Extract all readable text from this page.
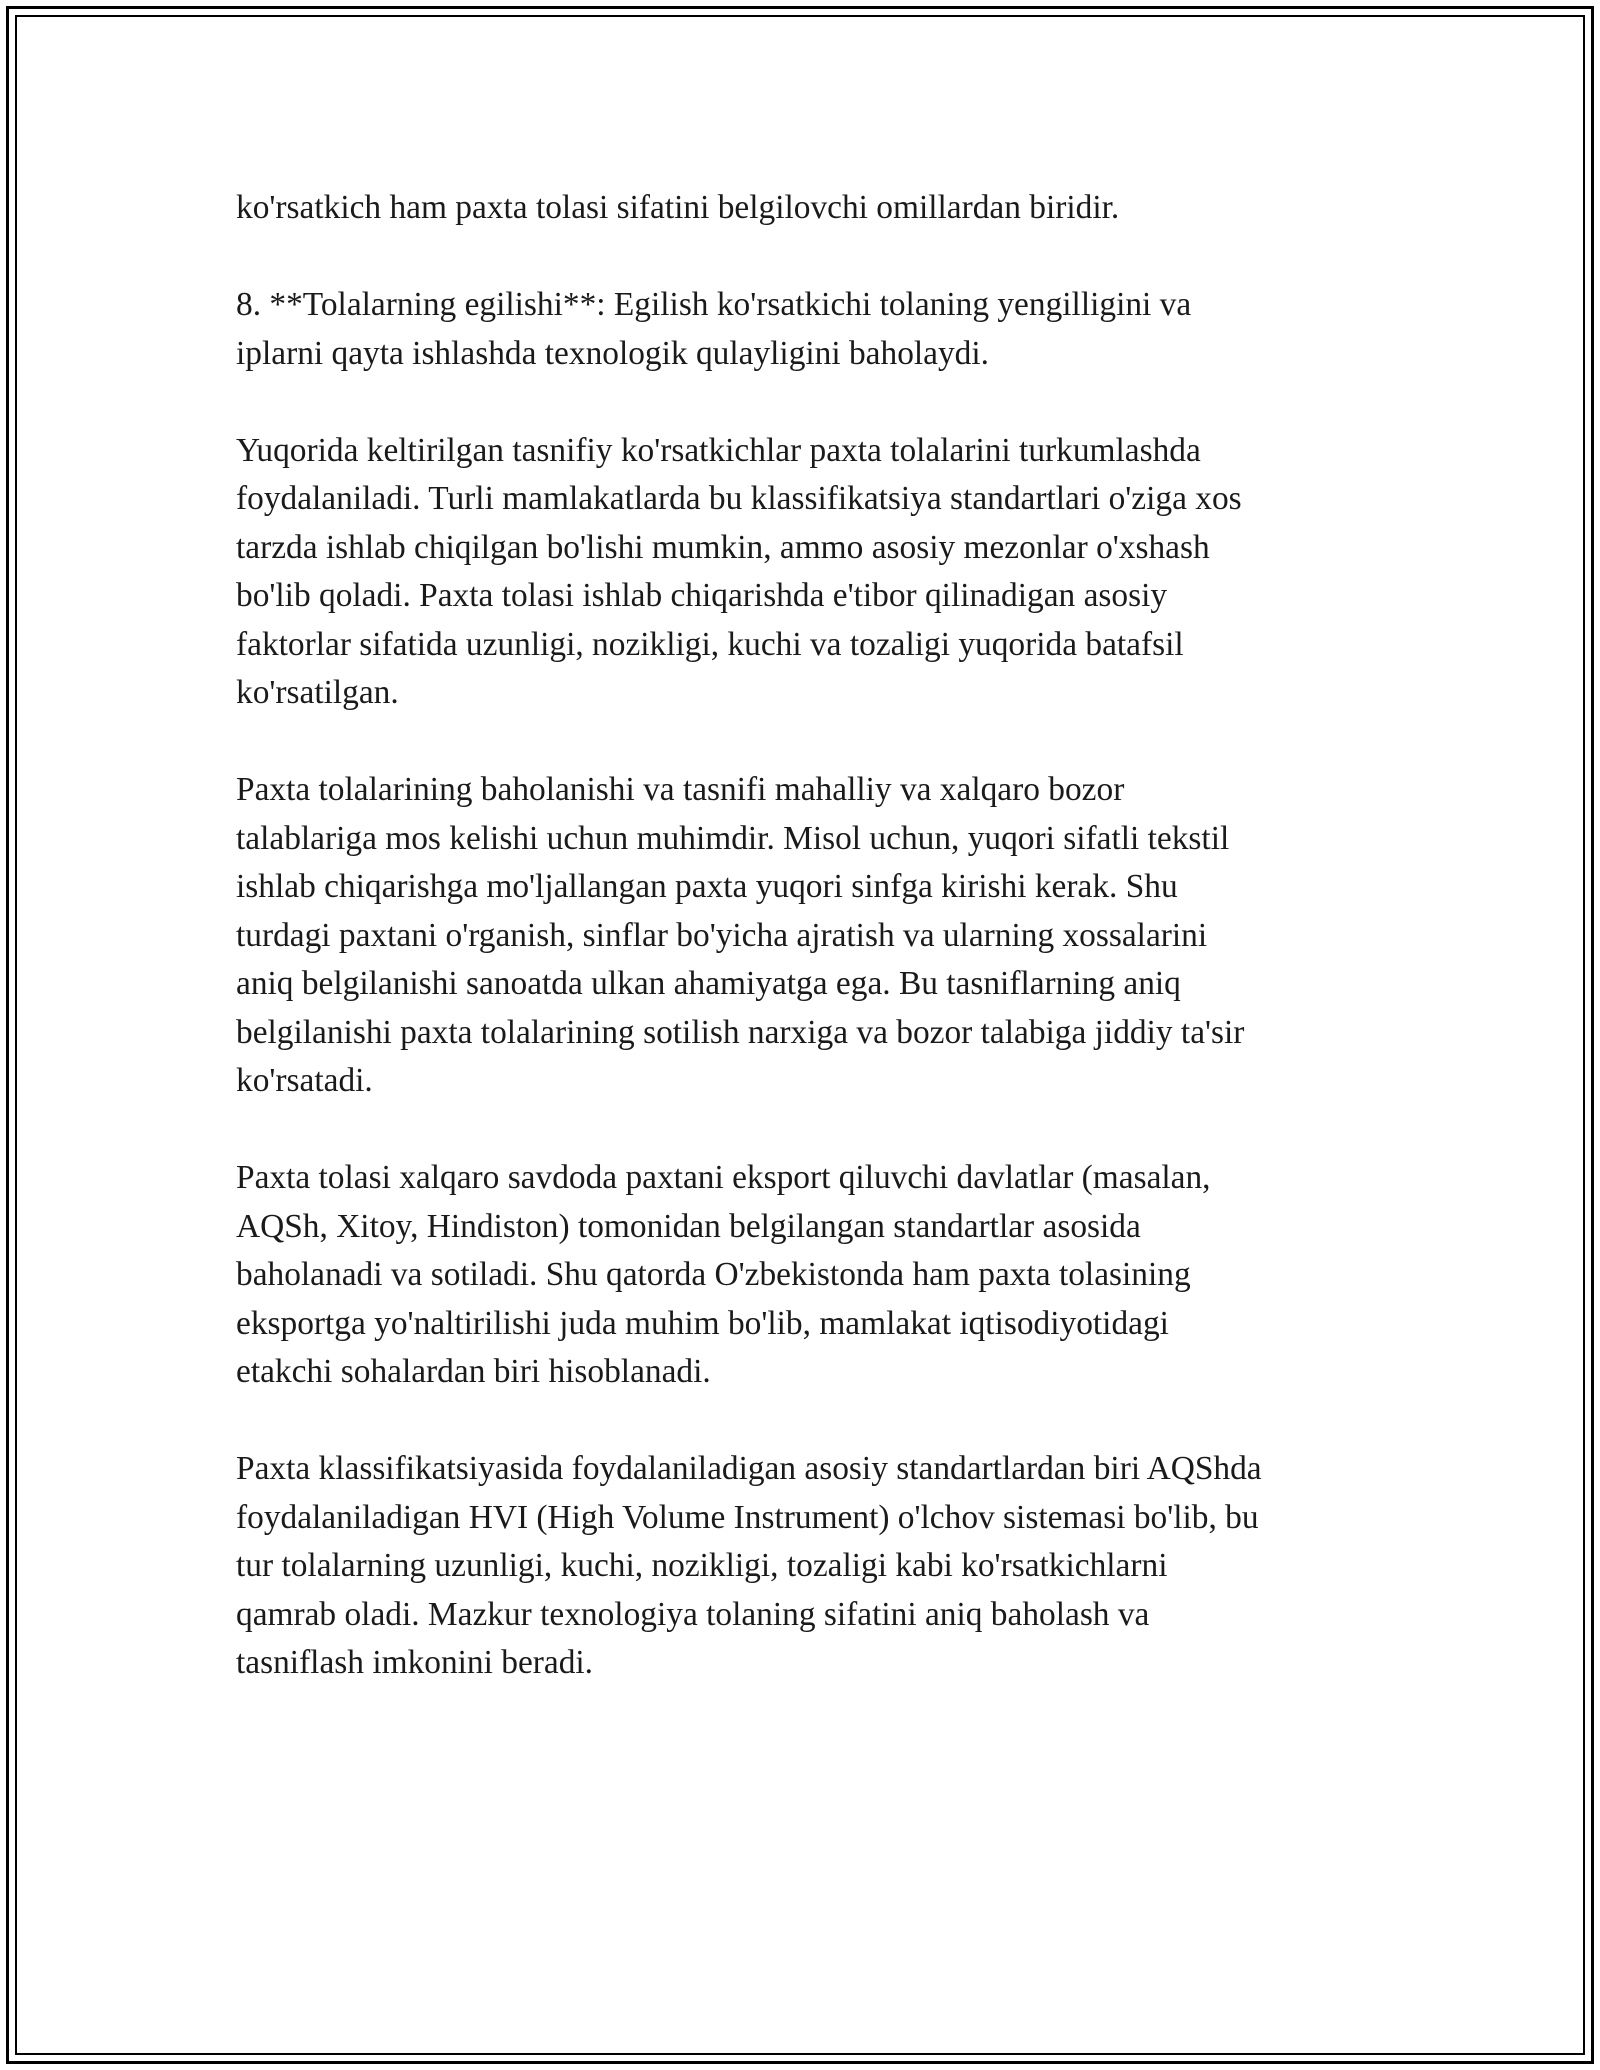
ko'rsatkich ham paxta tolasi sifatini belgilovchi omillardan biridir.

8. **Tolalarning egilishi**: Egilish ko'rsatkichi tolaning yengilligini va
iplarni qayta ishlashda texnologik qulayligini baholaydi.

Yuqorida keltirilgan tasnifiy ko'rsatkichlar paxta tolalarini turkumlashda
foydalaniladi. Turli mamlakatlarda bu klassifikatsiya standartlari o'ziga xos
tarzda ishlab chiqilgan bo'lishi mumkin, ammo asosiy mezonlar o'xshash
bo'lib qoladi. Paxta tolasi ishlab chiqarishda e'tibor qilinadigan asosiy
faktorlar sifatida uzunligi, nozikligi, kuchi va tozaligi yuqorida batafsil
ko'rsatilgan.

Paxta tolalarining baholanishi va tasnifi mahalliy va xalqaro bozor
talablariga mos kelishi uchun muhimdir. Misol uchun, yuqori sifatli tekstil
ishlab chiqarishga mo'ljallangan paxta yuqori sinfga kirishi kerak. Shu
turdagi paxtani o'rganish, sinflar bo'yicha ajratish va ularning xossalarini
aniq belgilanishi sanoatda ulkan ahamiyatga ega. Bu tasniflarning aniq
belgilanishi paxta tolalarining sotilish narxiga va bozor talabiga jiddiy ta'sir
ko'rsatadi.

Paxta tolasi xalqaro savdoda paxtani eksport qiluvchi davlatlar (masalan,
AQSh, Xitoy, Hindiston) tomonidan belgilangan standartlar asosida
baholanadi va sotiladi. Shu qatorda O'zbekistonda ham paxta tolasining
eksportga yo'naltirilishi juda muhim bo'lib, mamlakat iqtisodiyotidagi
etakchi sohalardan biri hisoblanadi.

Paxta klassifikatsiyasida foydalaniladigan asosiy standartlardan biri AQShda
foydalaniladigan HVI (High Volume Instrument) o'lchov sistemasi bo'lib, bu
tur tolalarning uzunligi, kuchi, nozikligi, tozaligi kabi ko'rsatkichlarni
qamrab oladi. Mazkur texnologiya tolaning sifatini aniq baholash va
tasniflash imkonini beradi.
